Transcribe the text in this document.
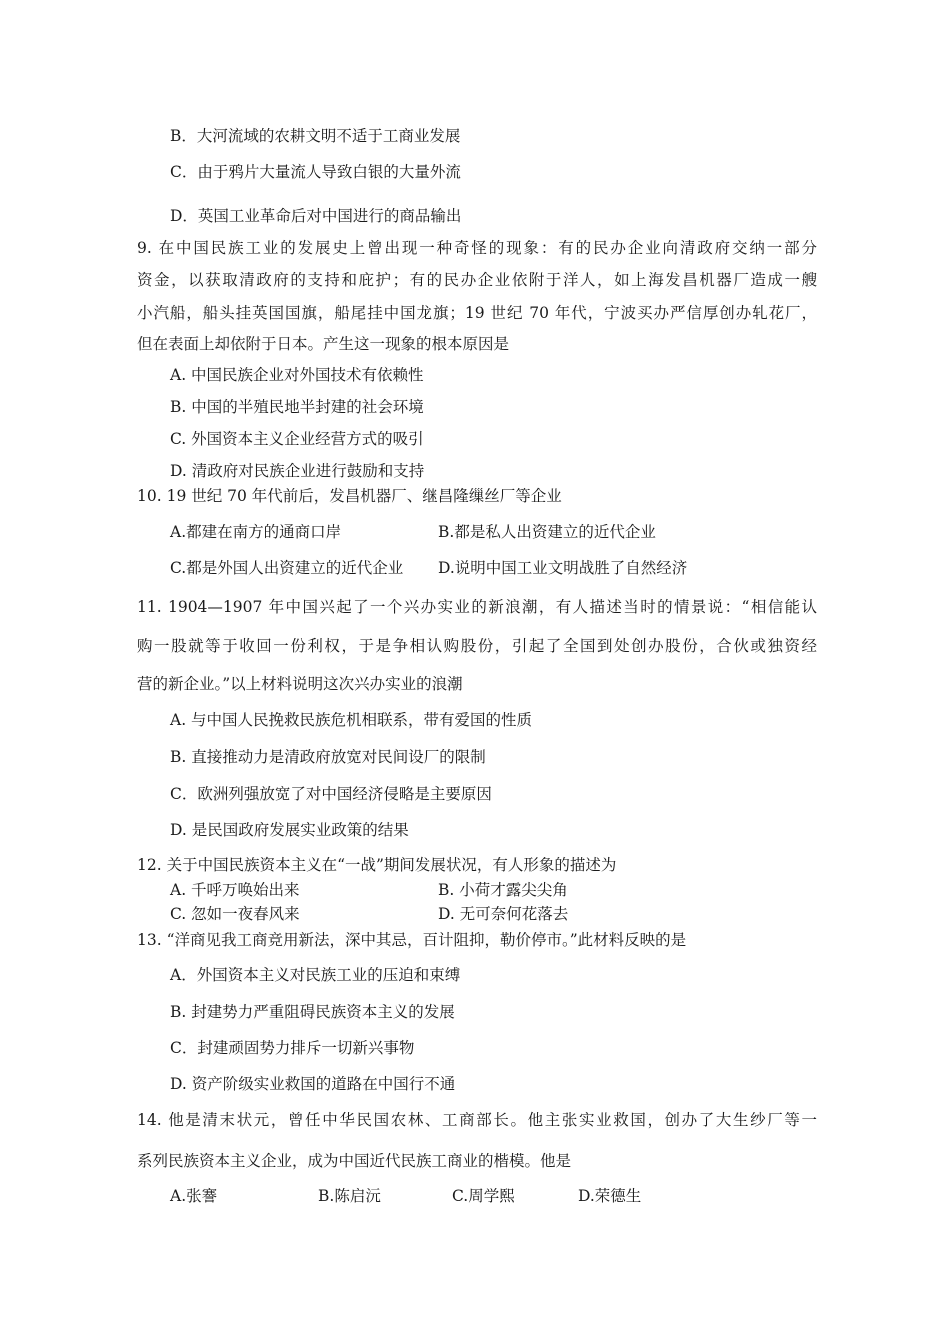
B．大河流域的农耕文明不适于工商业发展
C．由于鸦片大量流人导致白银的大量外流
D．英国工业革命后对中国进行的商品输出
9. 在中国民族工业的发展史上曾出现一种奇怪的现象：有的民办企业向清政府交纳一部分
资金，以获取清政府的支持和庇护；有的民办企业依附于洋人，如上海发昌机器厂造成一艘
小汽船，船头挂英国国旗，船尾挂中国龙旗；19 世纪 70 年代，宁波买办严信厚创办轧花厂，
但在表面上却依附于日本。产生这一现象的根本原因是
A. 中国民族企业对外国技术有依赖性
B. 中国的半殖民地半封建的社会环境
C. 外国资本主义企业经营方式的吸引
D. 清政府对民族企业进行鼓励和支持
10. 19 世纪 70 年代前后，发昌机器厂、继昌隆缫丝厂等企业
A.都建在南方的通商口岸	B.都是私人出资建立的近代企业
C.都是外国人出资建立的近代企业 D.说明中国工业文明战胜了自然经济
11. 1904—1907 年中国兴起了一个兴办实业的新浪潮，有人描述当时的情景说：“相信能认
购一股就等于收回一份利权，于是争相认购股份，引起了全国到处创办股份，合伙或独资经
营的新企业。”以上材料说明这次兴办实业的浪潮
A. 与中国人民挽救民族危机相联系，带有爱国的性质
B. 直接推动力是清政府放宽对民间设厂的限制
C．欧洲列强放宽了对中国经济侵略是主要原因
D. 是民国政府发展实业政策的结果
12. 关于中国民族资本主义在“一战”期间发展状况，有人形象的描述为
A. 千呼万唤始出来	B. 小荷才露尖尖角
C. 忽如一夜春风来	D. 无可奈何花落去
13. “洋商见我工商竞用新法，深中其忌，百计阻抑，勒价停市。”此材料反映的是
A．外国资本主义对民族工业的压迫和束缚
B. 封建势力严重阻碍民族资本主义的发展
C．封建顽固势力排斥一切新兴事物
D. 资产阶级实业救国的道路在中国行不通
14. 他是清末状元，曾任中华民国农林、工商部长。他主张实业救国，创办了大生纱厂等一
系列民族资本主义企业，成为中国近代民族工商业的楷模。他是
A.张謇	B.陈启沅	C.周学熙	D.荣德生
